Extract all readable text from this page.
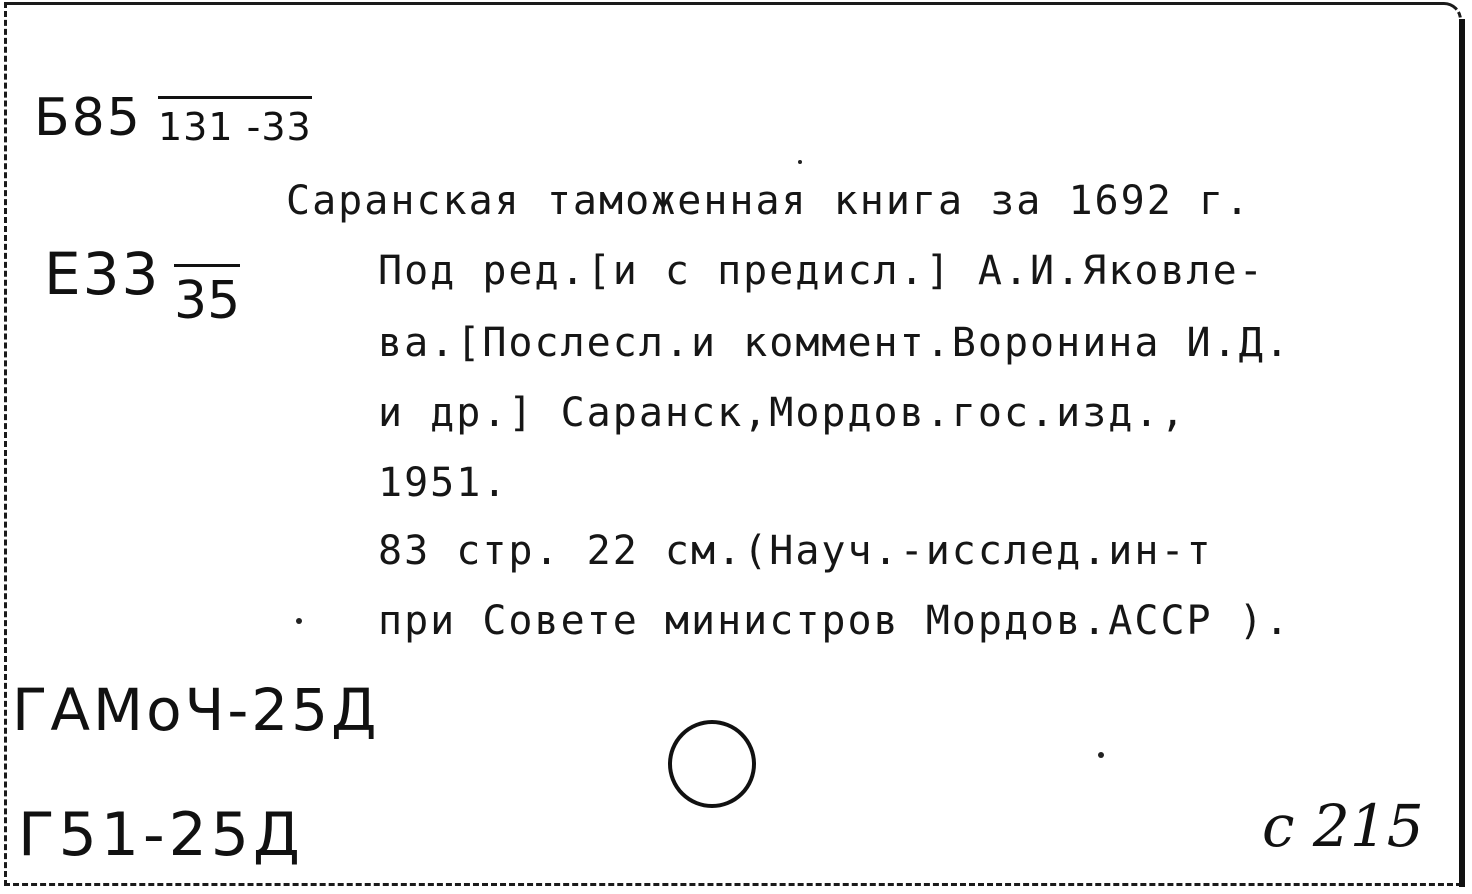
Б85 131 -33
Е33 35
Саранская таможенная книга за 1692 г.
Под ред.[и с предисл.] А.И.Яковле-
ва.[Послесл.и коммент.Воронина И.Д.
и др.] Саранск,Мордов.гос.изд.,
1951.
83 стр. 22 см.(Науч.-исслед.ин-т
при Совете министров Мордов.АССР ).
ГАМоЧ-25Д
Г51-25Д	с 215
